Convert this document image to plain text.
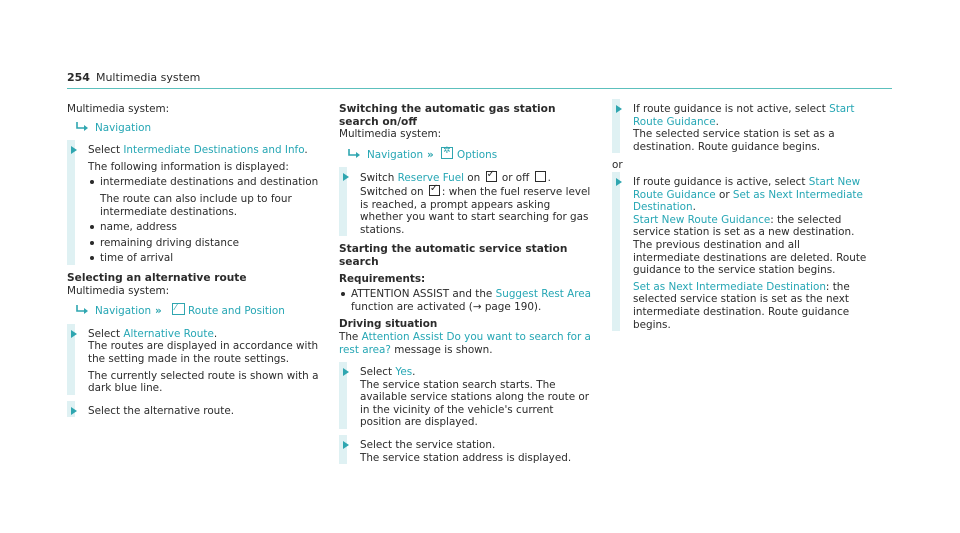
254 Multimedia system

Multimedia system:

Navigation

Select Intermediate Destinations and Info.

The following information is displayed:

intermediate destinations and destination
The route can also include up to four intermediate destinations.
name, address
remaining driving distance
time of arrival
Selecting an alternative route

Multimedia system:

Navigation » ⁄	Route and Position

Select Alternative Route.

The routes are displayed in accordance with the setting made in the route settings.

The currently selected route is shown with a dark blue line.

Select the alternative route.

Switching the automatic gas station search on/off

Multimedia system:

Navigation » ✲ Options

Switch Reserve Fuel on ✓ or off .

Switched on ✓: when the fuel reserve level is reached, a prompt appears asking whether you want to start searching for gas stations.

Starting the automatic service station search

Requirements:

ATTENTION ASSIST and the Suggest Rest Area function are activated (→ page 190).

Driving situation

The Attention Assist Do you want to search for a rest area? message is shown.

Select Yes.

The service station search starts. The available service stations along the route or in the vicinity of the vehicle's current position are displayed.

Select the service station.

The service station address is displayed.

If route guidance is not active, select Start Route Guidance.

The selected service station is set as a destination. Route guidance begins.

or

If route guidance is active, select Start New Route Guidance or Set as Next Intermediate Destination.

Start New Route Guidance: the selected service station is set as a new destination. The previous destination and all intermediate destinations are deleted. Route guidance to the service station begins.

Set as Next Intermediate Destination: the selected service station is set as the next intermediate destination. Route guidance begins.
